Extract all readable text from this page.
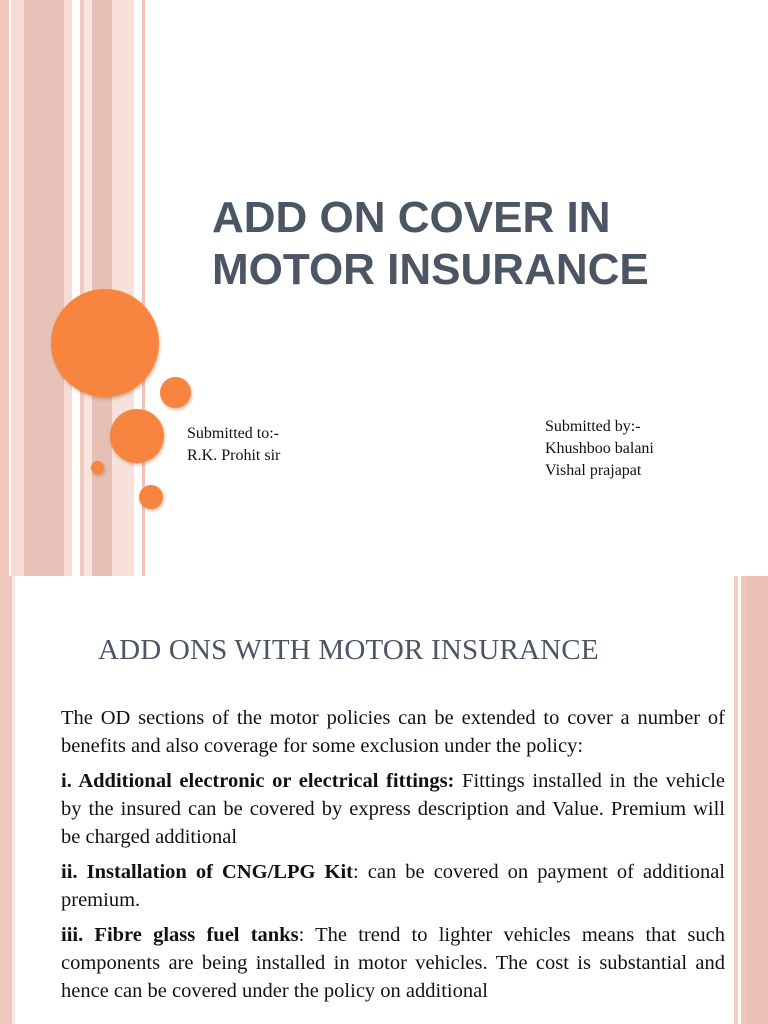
ADD ON COVER IN
MOTOR INSURANCE
Submitted to:-
R.K. Prohit sir
Submitted by:-
Khushboo balani
Vishal prajapat
ADD ONS WITH MOTOR INSURANCE

The OD sections of the motor policies can be extended to cover a number of benefits and also coverage for some exclusion under the policy:

i. Additional electronic or electrical fittings: Fittings installed in the vehicle by the insured can be covered by express description and Value. Premium will be charged additional

ii. Installation of CNG/LPG Kit: can be covered on payment of additional premium.

iii. Fibre glass fuel tanks: The trend to lighter vehicles means that such components are being installed in motor vehicles. The cost is substantial and hence can be covered under the policy on additional
